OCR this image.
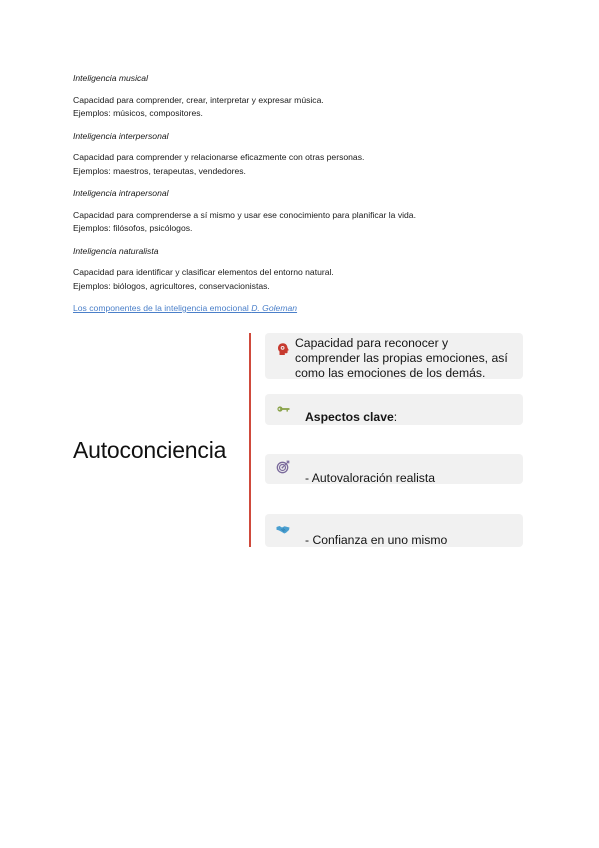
Inteligencia musical
Capacidad para comprender, crear, interpretar y expresar música.
Ejemplos: músicos, compositores.
Inteligencia interpersonal
Capacidad para comprender y relacionarse eficazmente con otras personas.
Ejemplos: maestros, terapeutas, vendedores.
Inteligencia intrapersonal
Capacidad para comprenderse a sí mismo y usar ese conocimiento para planificar la vida.
Ejemplos: filósofos, psicólogos.
Inteligencia naturalista
Capacidad para identificar y clasificar elementos del entorno natural.
Ejemplos: biólogos, agricultores, conservacionistas.
Los componentes de la inteligencia emocional D. Goleman
Autoconciencia
Capacidad para reconocer y
comprender las propias emociones, así
como las emociones de los demás.
Aspectos clave:
- Autovaloración realista
- Confianza en uno mismo
